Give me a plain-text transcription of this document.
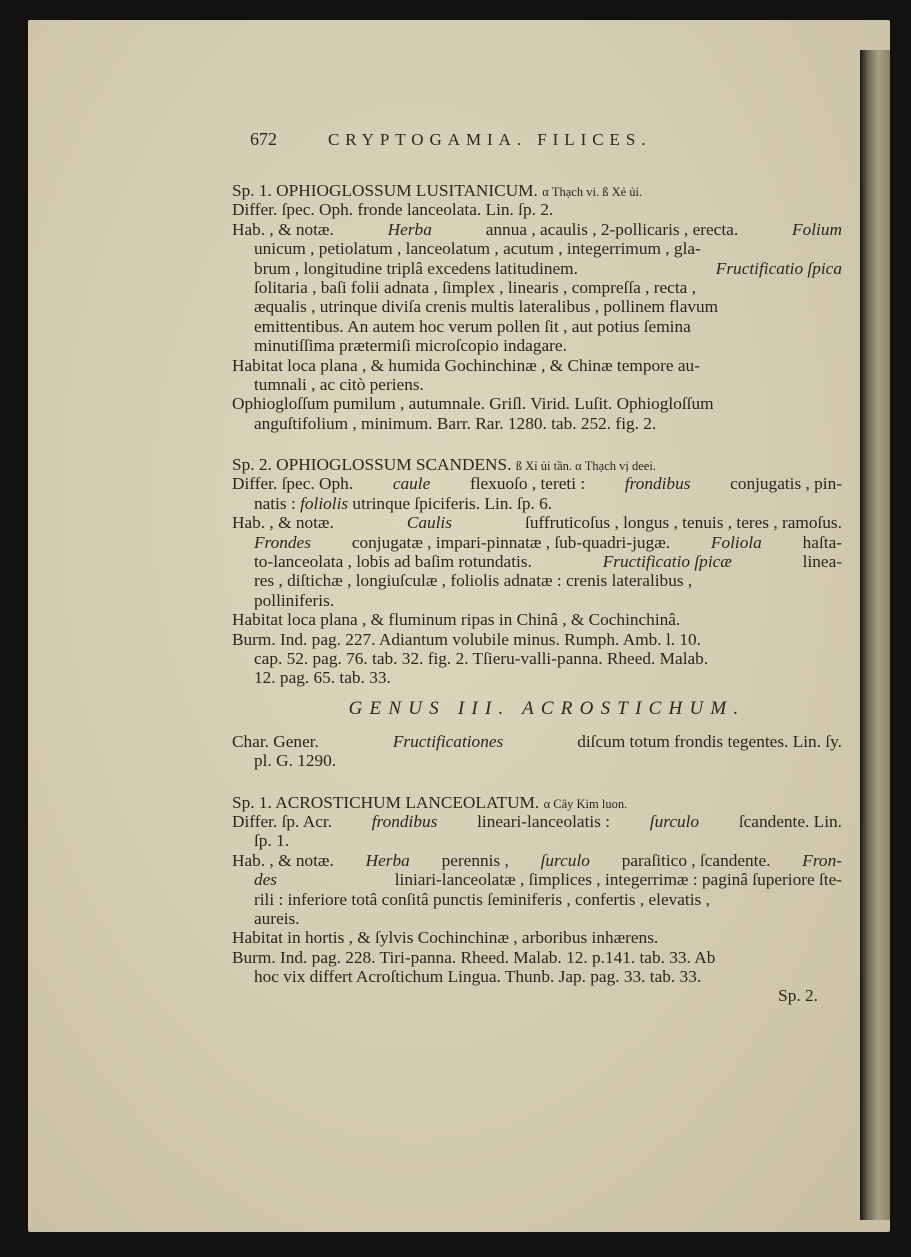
672	CRYPTOGAMIA. FILICES.
Sp. 1. OPHIOGLOSSUM LUSITANICUM. α Thạch vi. ß Xẻ ủi.
Differ. ſpec. Oph. fronde lanceolata. Lin. ſp. 2.
Hab. , & notæ.	Herba	annua , acaulis , 2-pollicaris , erecta.	Folium
unicum , petiolatum , lanceolatum , acutum , integerrimum , gla-
brum , longitudine triplâ excedens latitudinem.	Fructificatio ſpica
ſolitaria , baſi folii adnata , ſimplex , linearis , compreſſa , recta ,
æqualis , utrinque diviſa crenis multis lateralibus , pollinem flavum
emittentibus. An autem hoc verum pollen ſit , aut potius ſemina
minutiſſima prætermiſi microſcopio indagare.
Habitat loca plana , & humida Gochinchinæ , & Chinæ tempore au-
tumnali , ac citò periens.
Ophiogloſſum pumilum , autumnale. Griſl. Virid. Luſit. Ophiogloſſum
anguſtifolium , minimum. Barr. Rar. 1280. tab. 252. fig. 2.
Sp. 2. OPHIOGLOSSUM SCANDENS. ß Xỉ ủi tần. α Thạch vị deei.
Differ. ſpec. Oph. caule flexuoſo , tereti : frondibus conjugatis , pin-
natis : foliolis utrinque ſpiciferis. Lin. ſp. 6.
Hab. , & notæ.	Caulis	ſuffruticoſus , longus , tenuis , teres , ramoſus.
Frondes conjugatæ , impari-pinnatæ , ſub-quadri-jugæ. Foliola haſta-
to-lanceolata , lobis ad baſim rotundatis.	Fructificatio ſpicæ	linea-
res , diſtichæ , longiuſculæ , foliolis adnatæ : crenis lateralibus ,
polliniferis.
Habitat loca plana , & fluminum ripas in Chinâ , & Cochinchinâ.
Burm. Ind. pag. 227. Adiantum volubile minus. Rumph. Amb. l. 10.
cap. 52. pag. 76. tab. 32. fig. 2. Tſieru-valli-panna. Rheed. Malab.
12. pag. 65. tab. 33.
GENUS III. ACROSTICHUM.
Char. Gener.	Fructificationes	diſcum totum frondis tegentes. Lin. ſy.
pl. G. 1290.
Sp. 1. ACROSTICHUM LANCEOLATUM. α Cây Kim luon.
Differ. ſp. Acr. frondibus lineari-lanceolatis : ſurculo ſcandente. Lin.
ſp. 1.
Hab. , & notæ. Herba perennis , ſurculo paraſitico , ſcandente. Fron-
des	liniari-lanceolatæ , ſimplices , integerrimæ : paginâ ſuperiore ſte-
rili : inferiore totâ conſitâ punctis ſeminiferis , confertis , elevatis ,
aureis.
Habitat in hortis , & ſylvis Cochinchinæ , arboribus inhærens.
Burm. Ind. pag. 228. Tiri-panna. Rheed. Malab. 12. p.141. tab. 33. Ab
hoc vix differt Acroſtichum Lingua. Thunb. Jap. pag. 33. tab. 33.
Sp. 2.
